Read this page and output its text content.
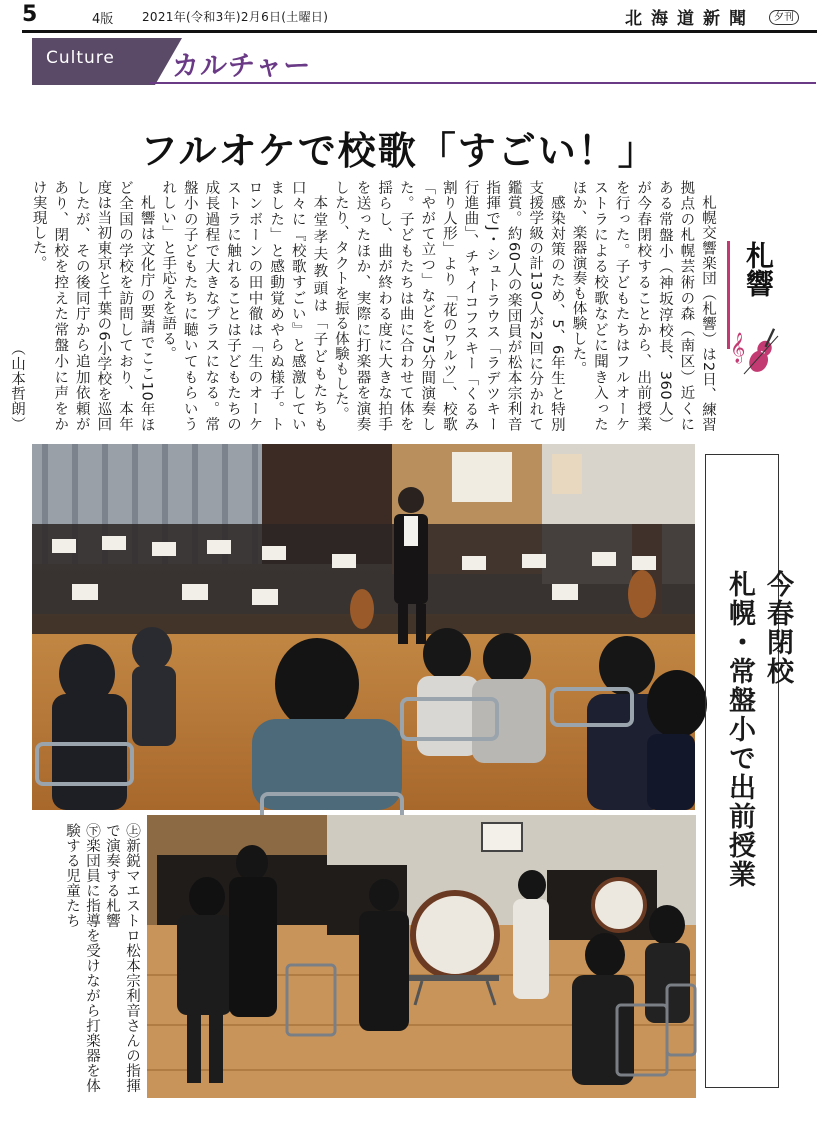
5	4版 2021年(令和3年)2月6日(土曜日)	北海道新聞	夕刊
Culture カルチャー
フルオケで校歌「すごい！」
札響
𝄞

札幌交響楽団（札響）は2日、練習拠点の札幌芸術の森（南区）近くにある常盤小（神坂淳校長、360人）が今春閉校することから、出前授業を行った。子どもたちはフルオーケストラによる校歌などに聞き入ったほか、楽器演奏も体験した。

感染対策のため、5、6年生と特別支援学級の計130人が2回に分かれて鑑賞。約60人の楽団員が松本宗利音指揮でJ・シュトラウス「ラデツキー行進曲」、チャイコフスキー「くるみ割り人形」より「花のワルツ」、校歌「やがて立つ」などを75分間演奏した。子どもたちは曲に合わせて体を揺らし、曲が終わる度に大きな拍手を送ったほか、実際に打楽器を演奏したり、タクトを振る体験もした。

本堂孝夫教頭は「子どもたちも口々に『校歌すごい』と感激していました」と感動覚めやらぬ様子。トロンボーンの田中徹は「生のオーケストラに触れることは子どもたちの成長過程で大きなプラスになる。常盤小の子どもたちに聴いてもらいうれしい」と手応えを語る。

札響は文化庁の要請でここ10年ほど全国の学校を訪問しており、本年度は当初東京と千葉の6小学校を巡回したが、その後同庁から追加依頼があり、閉校を控えた常盤小に声をかけ実現した。

（山本哲朗）
今春閉校
札幌・常盤小で出前授業

㊤新鋭マエストロ松本宗利音さんの指揮で演奏する札響

㊦楽団員に指導を受けながら打楽器を体験する児童たち
